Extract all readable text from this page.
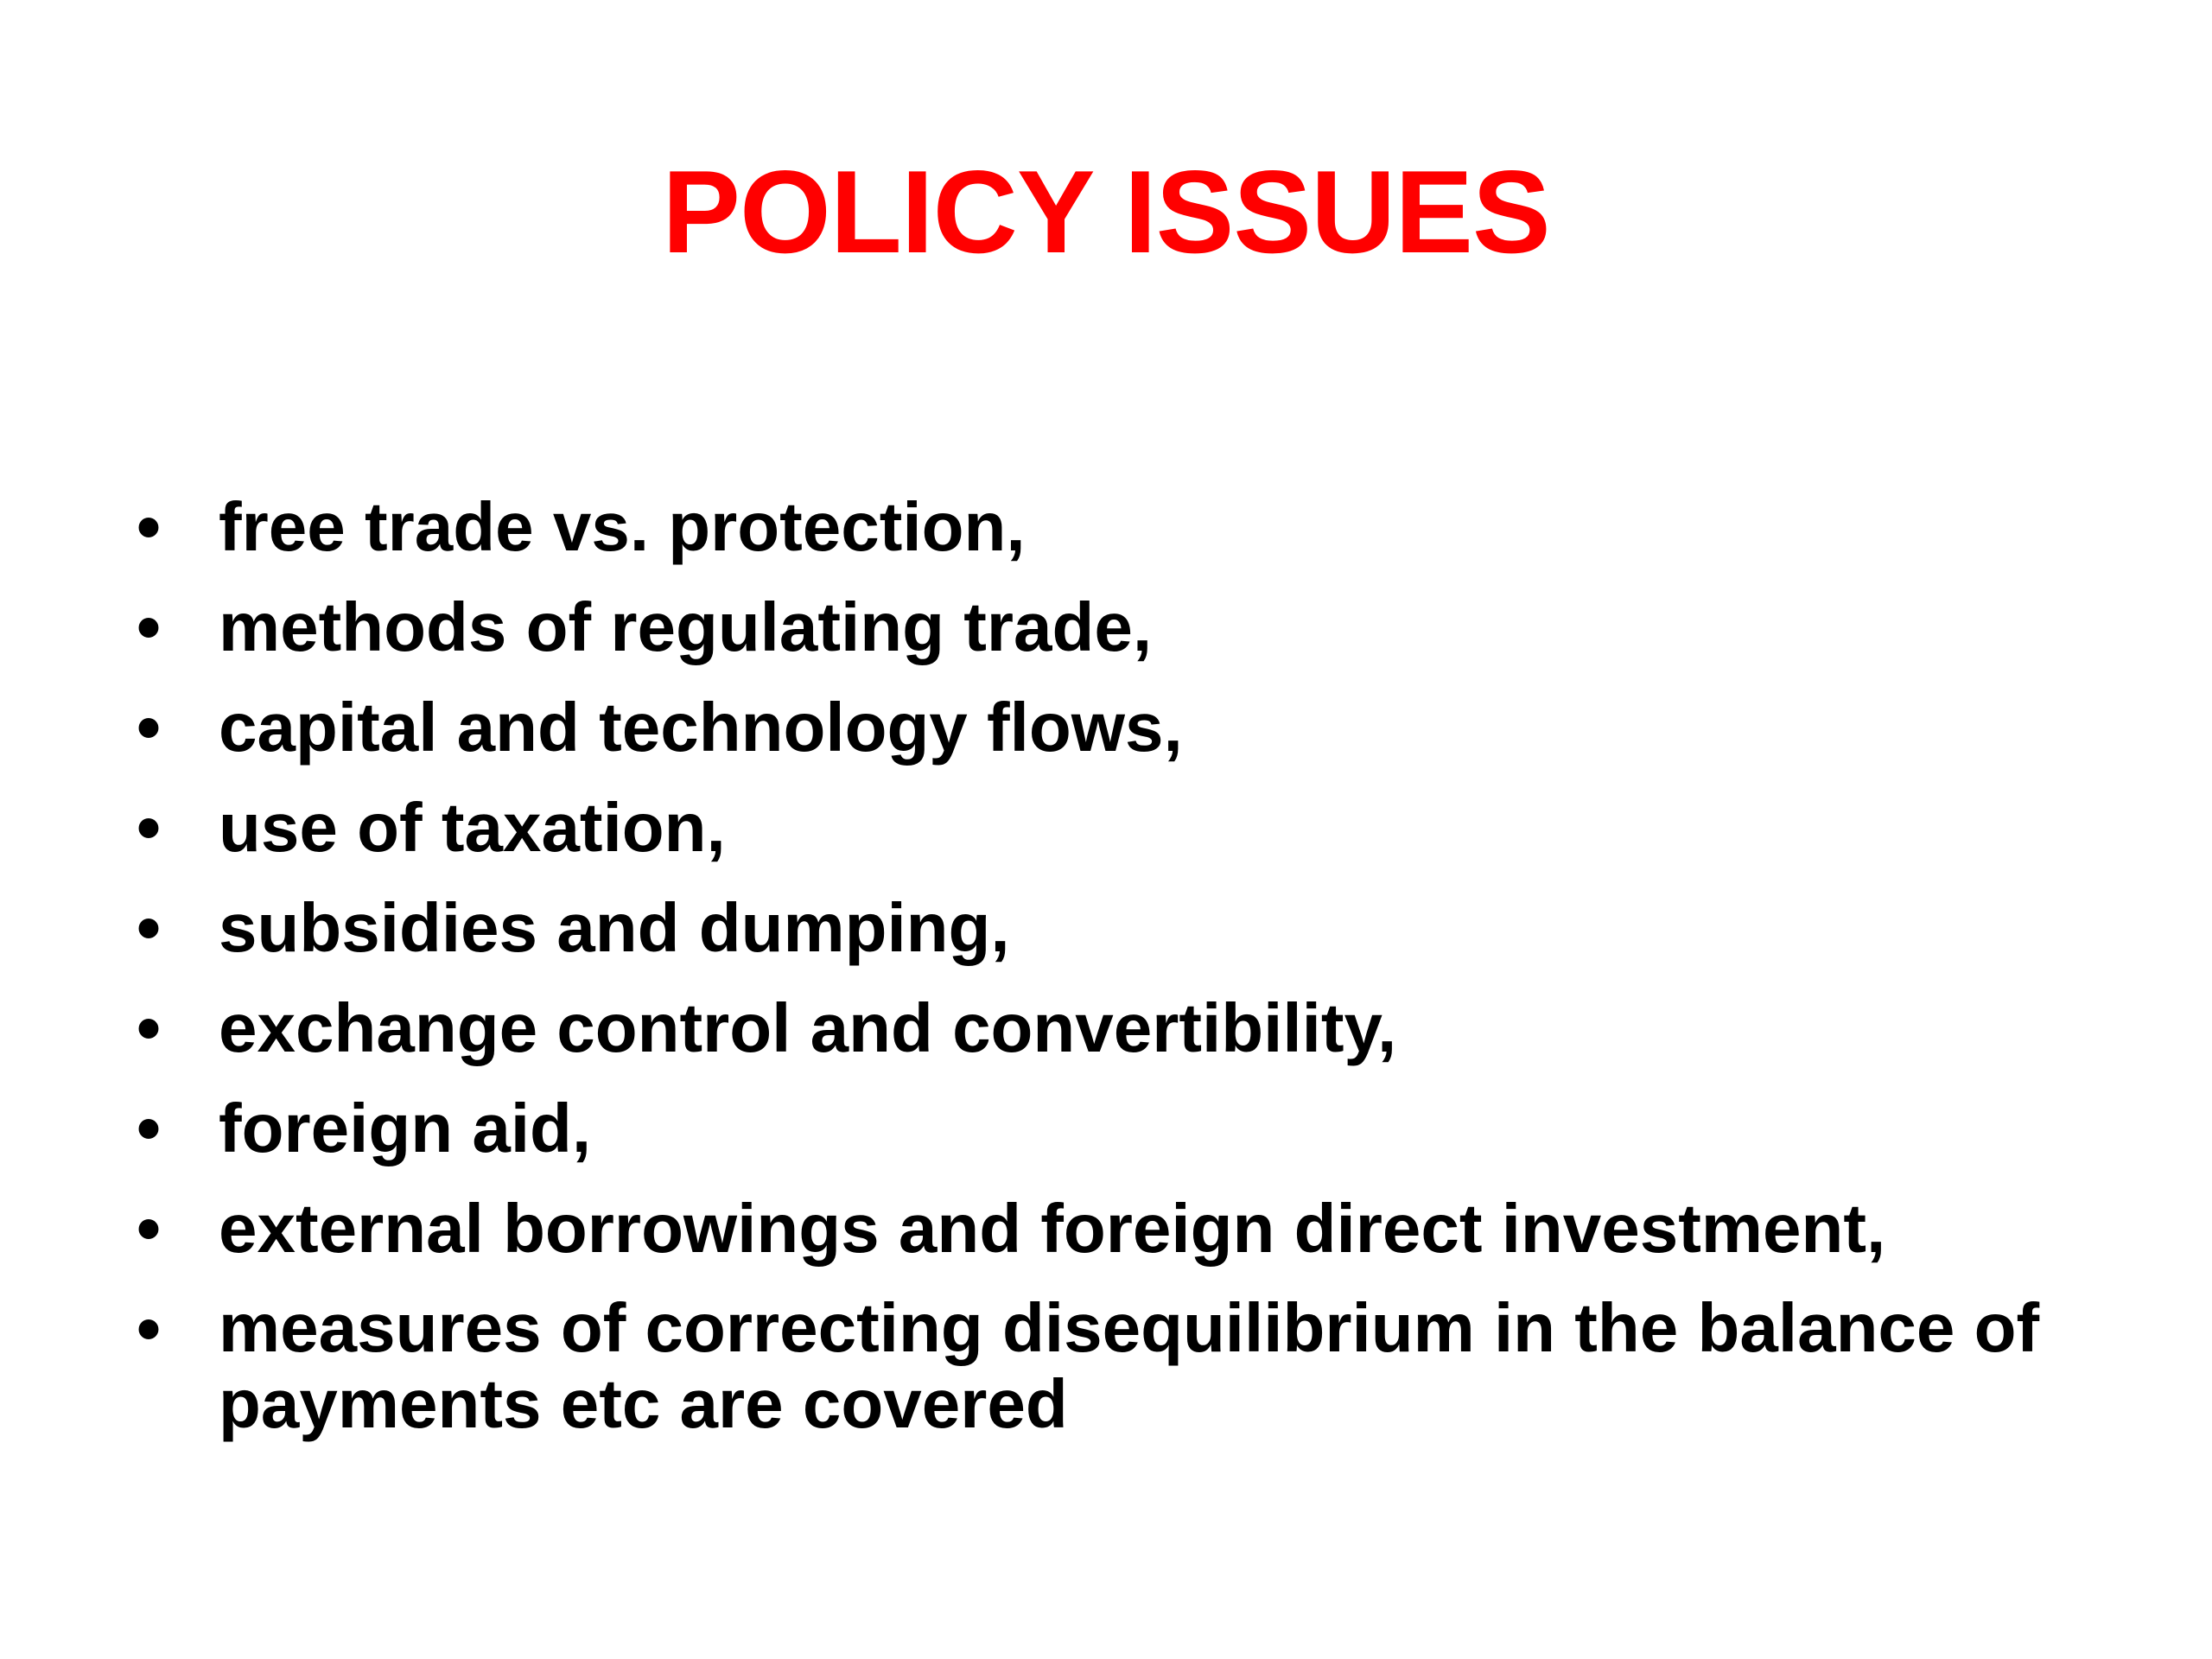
POLICY ISSUES
• free trade vs. protection,
• methods of regulating trade,
• capital and technology flows,
• use of taxation,
• subsidies and dumping,
• exchange control and convertibility,
• foreign aid,
• external borrowings and foreign direct investment,
• measures of correcting disequilibrium in the balance of payments etc are covered
